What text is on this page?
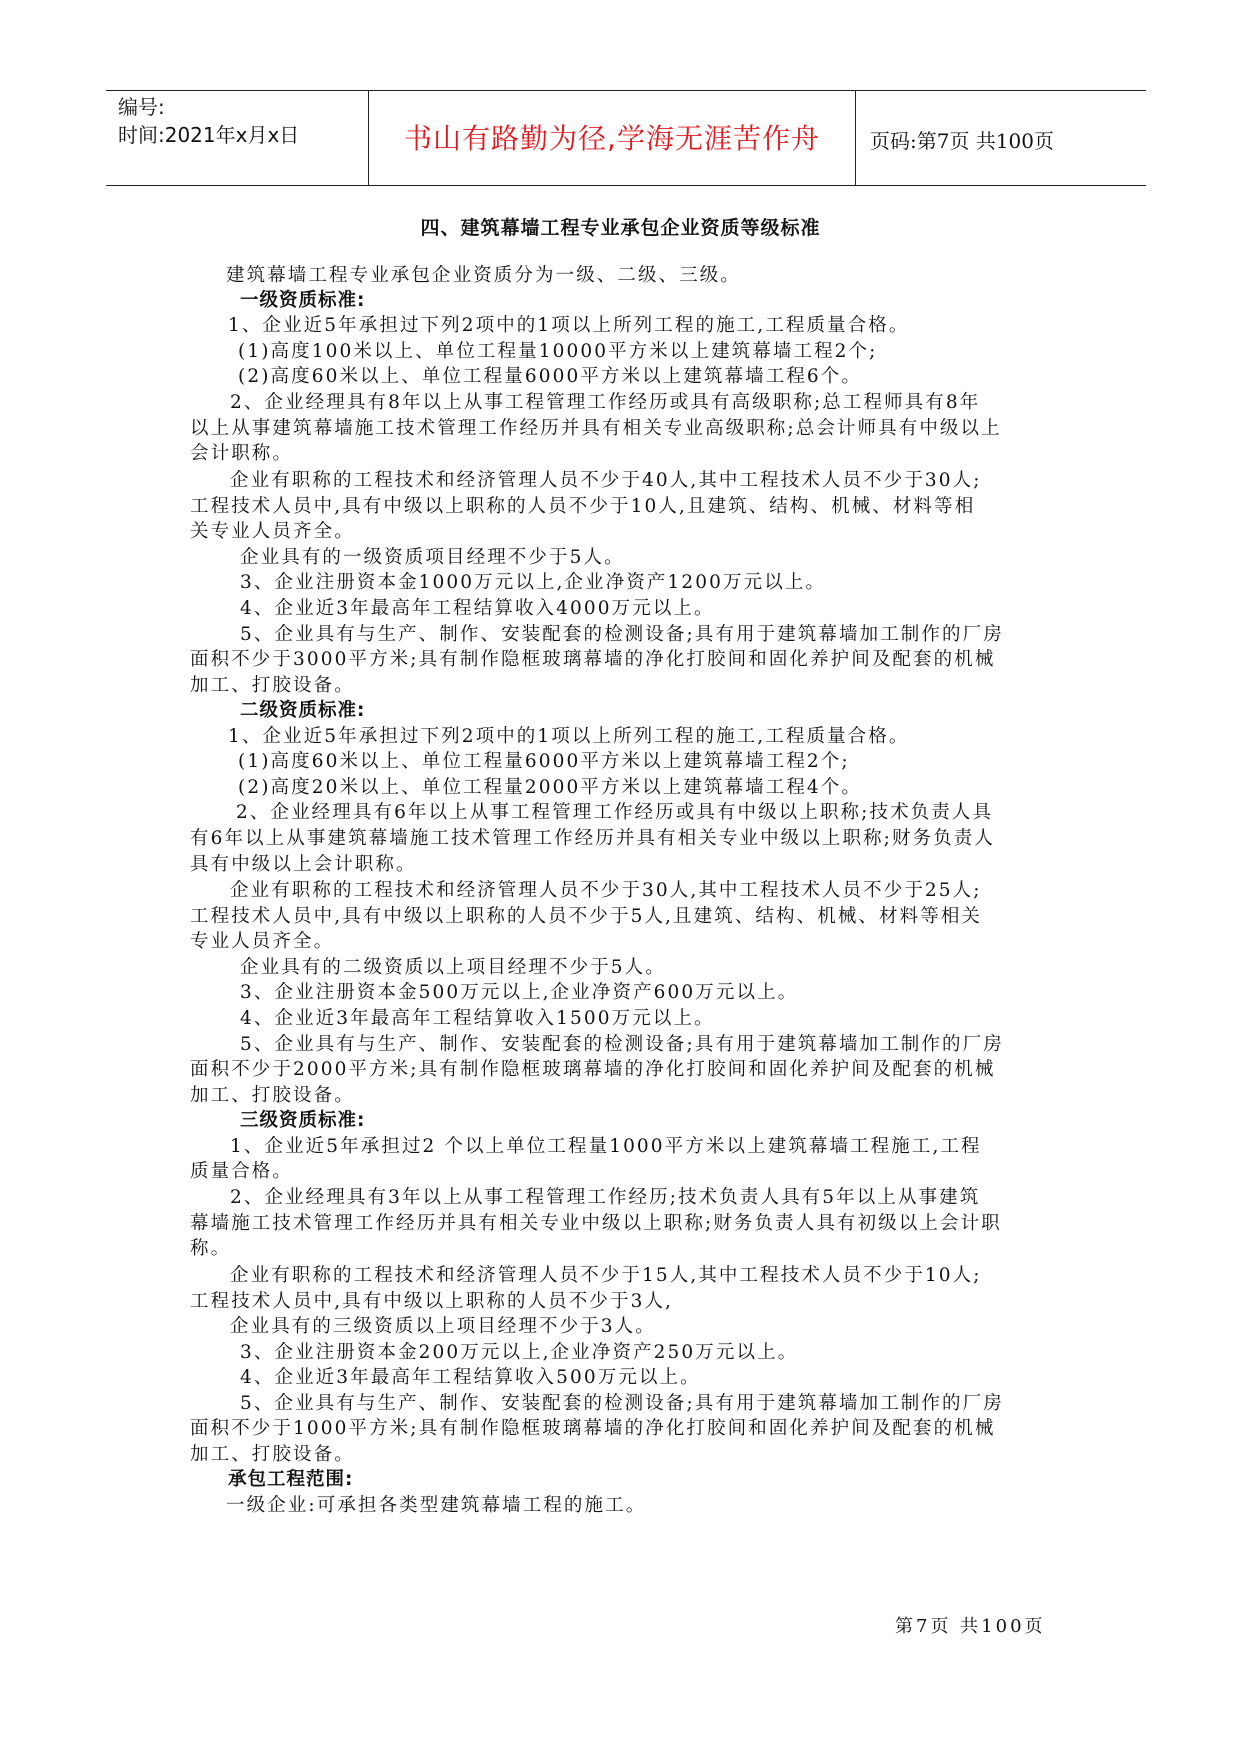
编号:
时间:2021年x月x日	书山有路勤为径,学海无涯苦作舟	页码:第7页 共100页
四、建筑幕墙工程专业承包企业资质等级标准
建筑幕墙工程专业承包企业资质分为一级、二级、三级。
一级资质标准:
1、企业近5年承担过下列2项中的1项以上所列工程的施工,工程质量合格。
(1)高度100米以上、单位工程量10000平方米以上建筑幕墙工程2个;
(2)高度60米以上、单位工程量6000平方米以上建筑幕墙工程6个。
2、企业经理具有8年以上从事工程管理工作经历或具有高级职称;总工程师具有8年
以上从事建筑幕墙施工技术管理工作经历并具有相关专业高级职称;总会计师具有中级以上
会计职称。
企业有职称的工程技术和经济管理人员不少于40人,其中工程技术人员不少于30人;
工程技术人员中,具有中级以上职称的人员不少于10人,且建筑、结构、机械、材料等相
关专业人员齐全。
企业具有的一级资质项目经理不少于5人。
3、企业注册资本金1000万元以上,企业净资产1200万元以上。
4、企业近3年最高年工程结算收入4000万元以上。
5、企业具有与生产、制作、安装配套的检测设备;具有用于建筑幕墙加工制作的厂房
面积不少于3000平方米;具有制作隐框玻璃幕墙的净化打胶间和固化养护间及配套的机械
加工、打胶设备。
二级资质标准:
1、企业近5年承担过下列2项中的1项以上所列工程的施工,工程质量合格。
(1)高度60米以上、单位工程量6000平方米以上建筑幕墙工程2个;
(2)高度20米以上、单位工程量2000平方米以上建筑幕墙工程4个。
2、企业经理具有6年以上从事工程管理工作经历或具有中级以上职称;技术负责人具
有6年以上从事建筑幕墙施工技术管理工作经历并具有相关专业中级以上职称;财务负责人
具有中级以上会计职称。
企业有职称的工程技术和经济管理人员不少于30人,其中工程技术人员不少于25人;
工程技术人员中,具有中级以上职称的人员不少于5人,且建筑、结构、机械、材料等相关
专业人员齐全。
企业具有的二级资质以上项目经理不少于5人。
3、企业注册资本金500万元以上,企业净资产600万元以上。
4、企业近3年最高年工程结算收入1500万元以上。
5、企业具有与生产、制作、安装配套的检测设备;具有用于建筑幕墙加工制作的厂房
面积不少于2000平方米;具有制作隐框玻璃幕墙的净化打胶间和固化养护间及配套的机械
加工、打胶设备。
三级资质标准:
1、企业近5年承担过2 个以上单位工程量1000平方米以上建筑幕墙工程施工,工程
质量合格。
2、企业经理具有3年以上从事工程管理工作经历;技术负责人具有5年以上从事建筑
幕墙施工技术管理工作经历并具有相关专业中级以上职称;财务负责人具有初级以上会计职
称。
企业有职称的工程技术和经济管理人员不少于15人,其中工程技术人员不少于10人;
工程技术人员中,具有中级以上职称的人员不少于3人,
企业具有的三级资质以上项目经理不少于3人。
3、企业注册资本金200万元以上,企业净资产250万元以上。
4、企业近3年最高年工程结算收入500万元以上。
5、企业具有与生产、制作、安装配套的检测设备;具有用于建筑幕墙加工制作的厂房
面积不少于1000平方米;具有制作隐框玻璃幕墙的净化打胶间和固化养护间及配套的机械
加工、打胶设备。
承包工程范围:
一级企业:可承担各类型建筑幕墙工程的施工。
第7页 共100页
